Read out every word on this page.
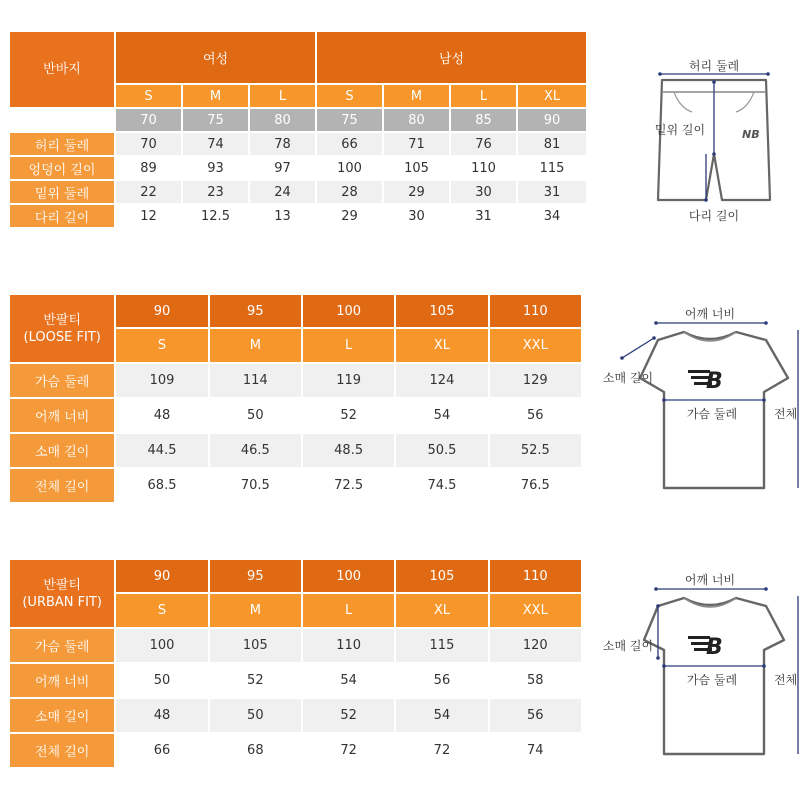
반바지	여성			남성			
	S	M	L	S	M	L	XL
	70	75	80	75	80	85	90
허리 둘레	70	74	78	66	71	76	81
엉덩이 길이	89	93	97	100	105	110	115
밑위 둘레	22	23	24	28	29	30	31
다리 길이	12	12.5	13	29	30	31	34
반팔티
(LOOSE FIT)	90	95	100	105	110
	S	M	L	XL	XXL
가슴 둘레	109	114	119	124	129
어깨 너비	48	50	52	54	56
소매 길이	44.5	46.5	48.5	50.5	52.5
전체 길이	68.5	70.5	72.5	74.5	76.5
반팔티
(URBAN FIT)	90	95	100	105	110
	S	M	L	XL	XXL
가슴 둘레	100	105	110	115	120
어깨 너비	50	52	54	56	58
소매 길이	48	50	52	54	56
전체 길이	66	68	72	72	74
NB
허리 둘레
밑위 길이
다리 길이
B
어깨 너비
소매 길이
가슴 둘레	전체
B
어깨 너비
소매 길이
가슴 둘레	전체
